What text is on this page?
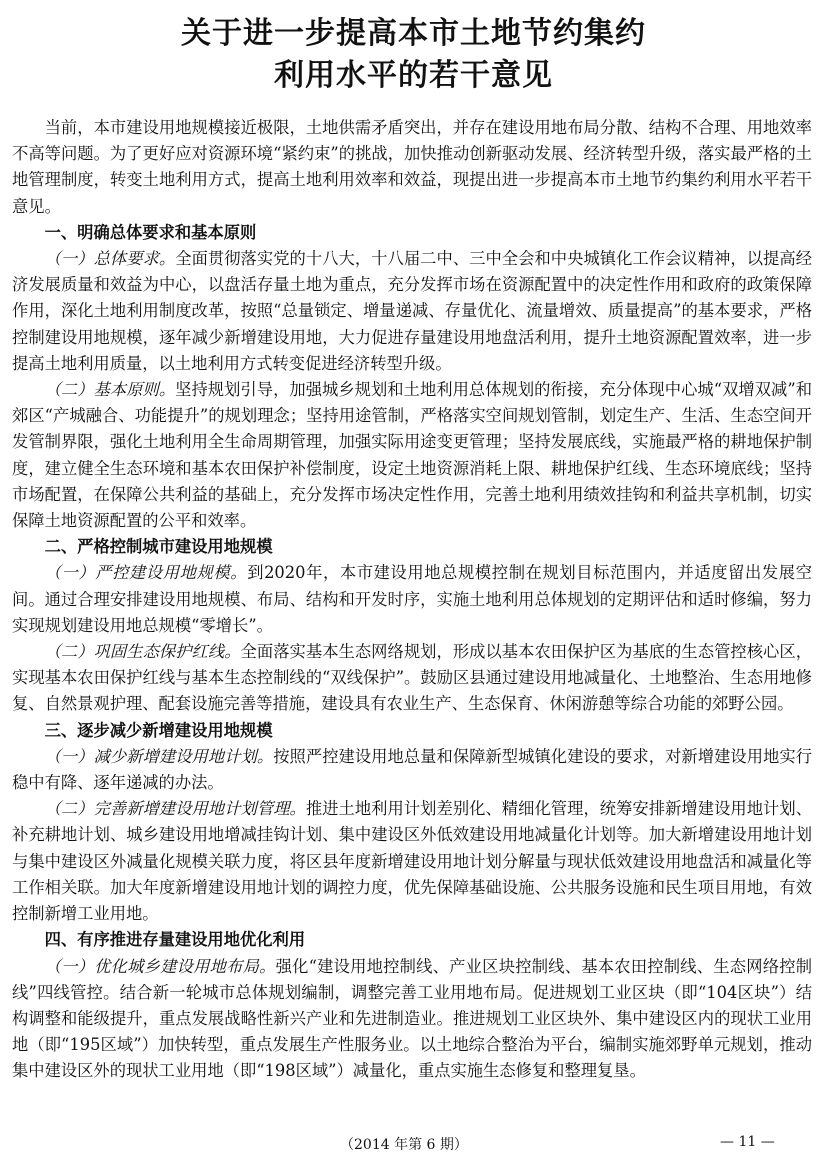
关于进一步提高本市土地节约集约
利用水平的若干意见

当前，本市建设用地规模接近极限，土地供需矛盾突出，并存在建设用地布局分散、结构不合理、用地效率不高等问题。为了更好应对资源环境“紧约束”的挑战，加快推动创新驱动发展、经济转型升级，落实最严格的土地管理制度，转变土地利用方式，提高土地利用效率和效益，现提出进一步提高本市土地节约集约利用水平若干意见。

一、明确总体要求和基本原则

（一）总体要求。全面贯彻落实党的十八大，十八届二中、三中全会和中央城镇化工作会议精神，以提高经济发展质量和效益为中心，以盘活存量土地为重点，充分发挥市场在资源配置中的决定性作用和政府的政策保障作用，深化土地利用制度改革，按照“总量锁定、增量递减、存量优化、流量增效、质量提高”的基本要求，严格控制建设用地规模，逐年减少新增建设用地，大力促进存量建设用地盘活利用，提升土地资源配置效率，进一步提高土地利用质量，以土地利用方式转变促进经济转型升级。

（二）基本原则。坚持规划引导，加强城乡规划和土地利用总体规划的衔接，充分体现中心城“双增双减”和郊区“产城融合、功能提升”的规划理念；坚持用途管制，严格落实空间规划管制，划定生产、生活、生态空间开发管制界限，强化土地利用全生命周期管理，加强实际用途变更管理；坚持发展底线，实施最严格的耕地保护制度，建立健全生态环境和基本农田保护补偿制度，设定土地资源消耗上限、耕地保护红线、生态环境底线；坚持市场配置，在保障公共利益的基础上，充分发挥市场决定性作用，完善土地利用绩效挂钩和利益共享机制，切实保障土地资源配置的公平和效率。

二、严格控制城市建设用地规模

（一）严控建设用地规模。到2020年，本市建设用地总规模控制在规划目标范围内，并适度留出发展空间。通过合理安排建设用地规模、布局、结构和开发时序，实施土地利用总体规划的定期评估和适时修编，努力实现规划建设用地总规模“零增长”。

（二）巩固生态保护红线。全面落实基本生态网络规划，形成以基本农田保护区为基底的生态管控核心区，实现基本农田保护红线与基本生态控制线的“双线保护”。鼓励区县通过建设用地减量化、土地整治、生态用地修复、自然景观护理、配套设施完善等措施，建设具有农业生产、生态保育、休闲游憩等综合功能的郊野公园。

三、逐步减少新增建设用地规模

（一）减少新增建设用地计划。按照严控建设用地总量和保障新型城镇化建设的要求，对新增建设用地实行稳中有降、逐年递减的办法。

（二）完善新增建设用地计划管理。推进土地利用计划差别化、精细化管理，统筹安排新增建设用地计划、补充耕地计划、城乡建设用地增减挂钩计划、集中建设区外低效建设用地减量化计划等。加大新增建设用地计划与集中建设区外减量化规模关联力度，将区县年度新增建设用地计划分解量与现状低效建设用地盘活和减量化等工作相关联。加大年度新增建设用地计划的调控力度，优先保障基础设施、公共服务设施和民生项目用地，有效控制新增工业用地。

四、有序推进存量建设用地优化利用

（一）优化城乡建设用地布局。强化“建设用地控制线、产业区块控制线、基本农田控制线、生态网络控制线”四线管控。结合新一轮城市总体规划编制，调整完善工业用地布局。促进规划工业区块（即“104区块”）结构调整和能级提升，重点发展战略性新兴产业和先进制造业。推进规划工业区块外、集中建设区内的现状工业用地（即“195区域”）加快转型，重点发展生产性服务业。以土地综合整治为平台，编制实施郊野单元规划，推动集中建设区外的现状工业用地（即“198区域”）减量化，重点实施生态修复和整理复垦。

（2014 年第 6 期）	— 11 —
